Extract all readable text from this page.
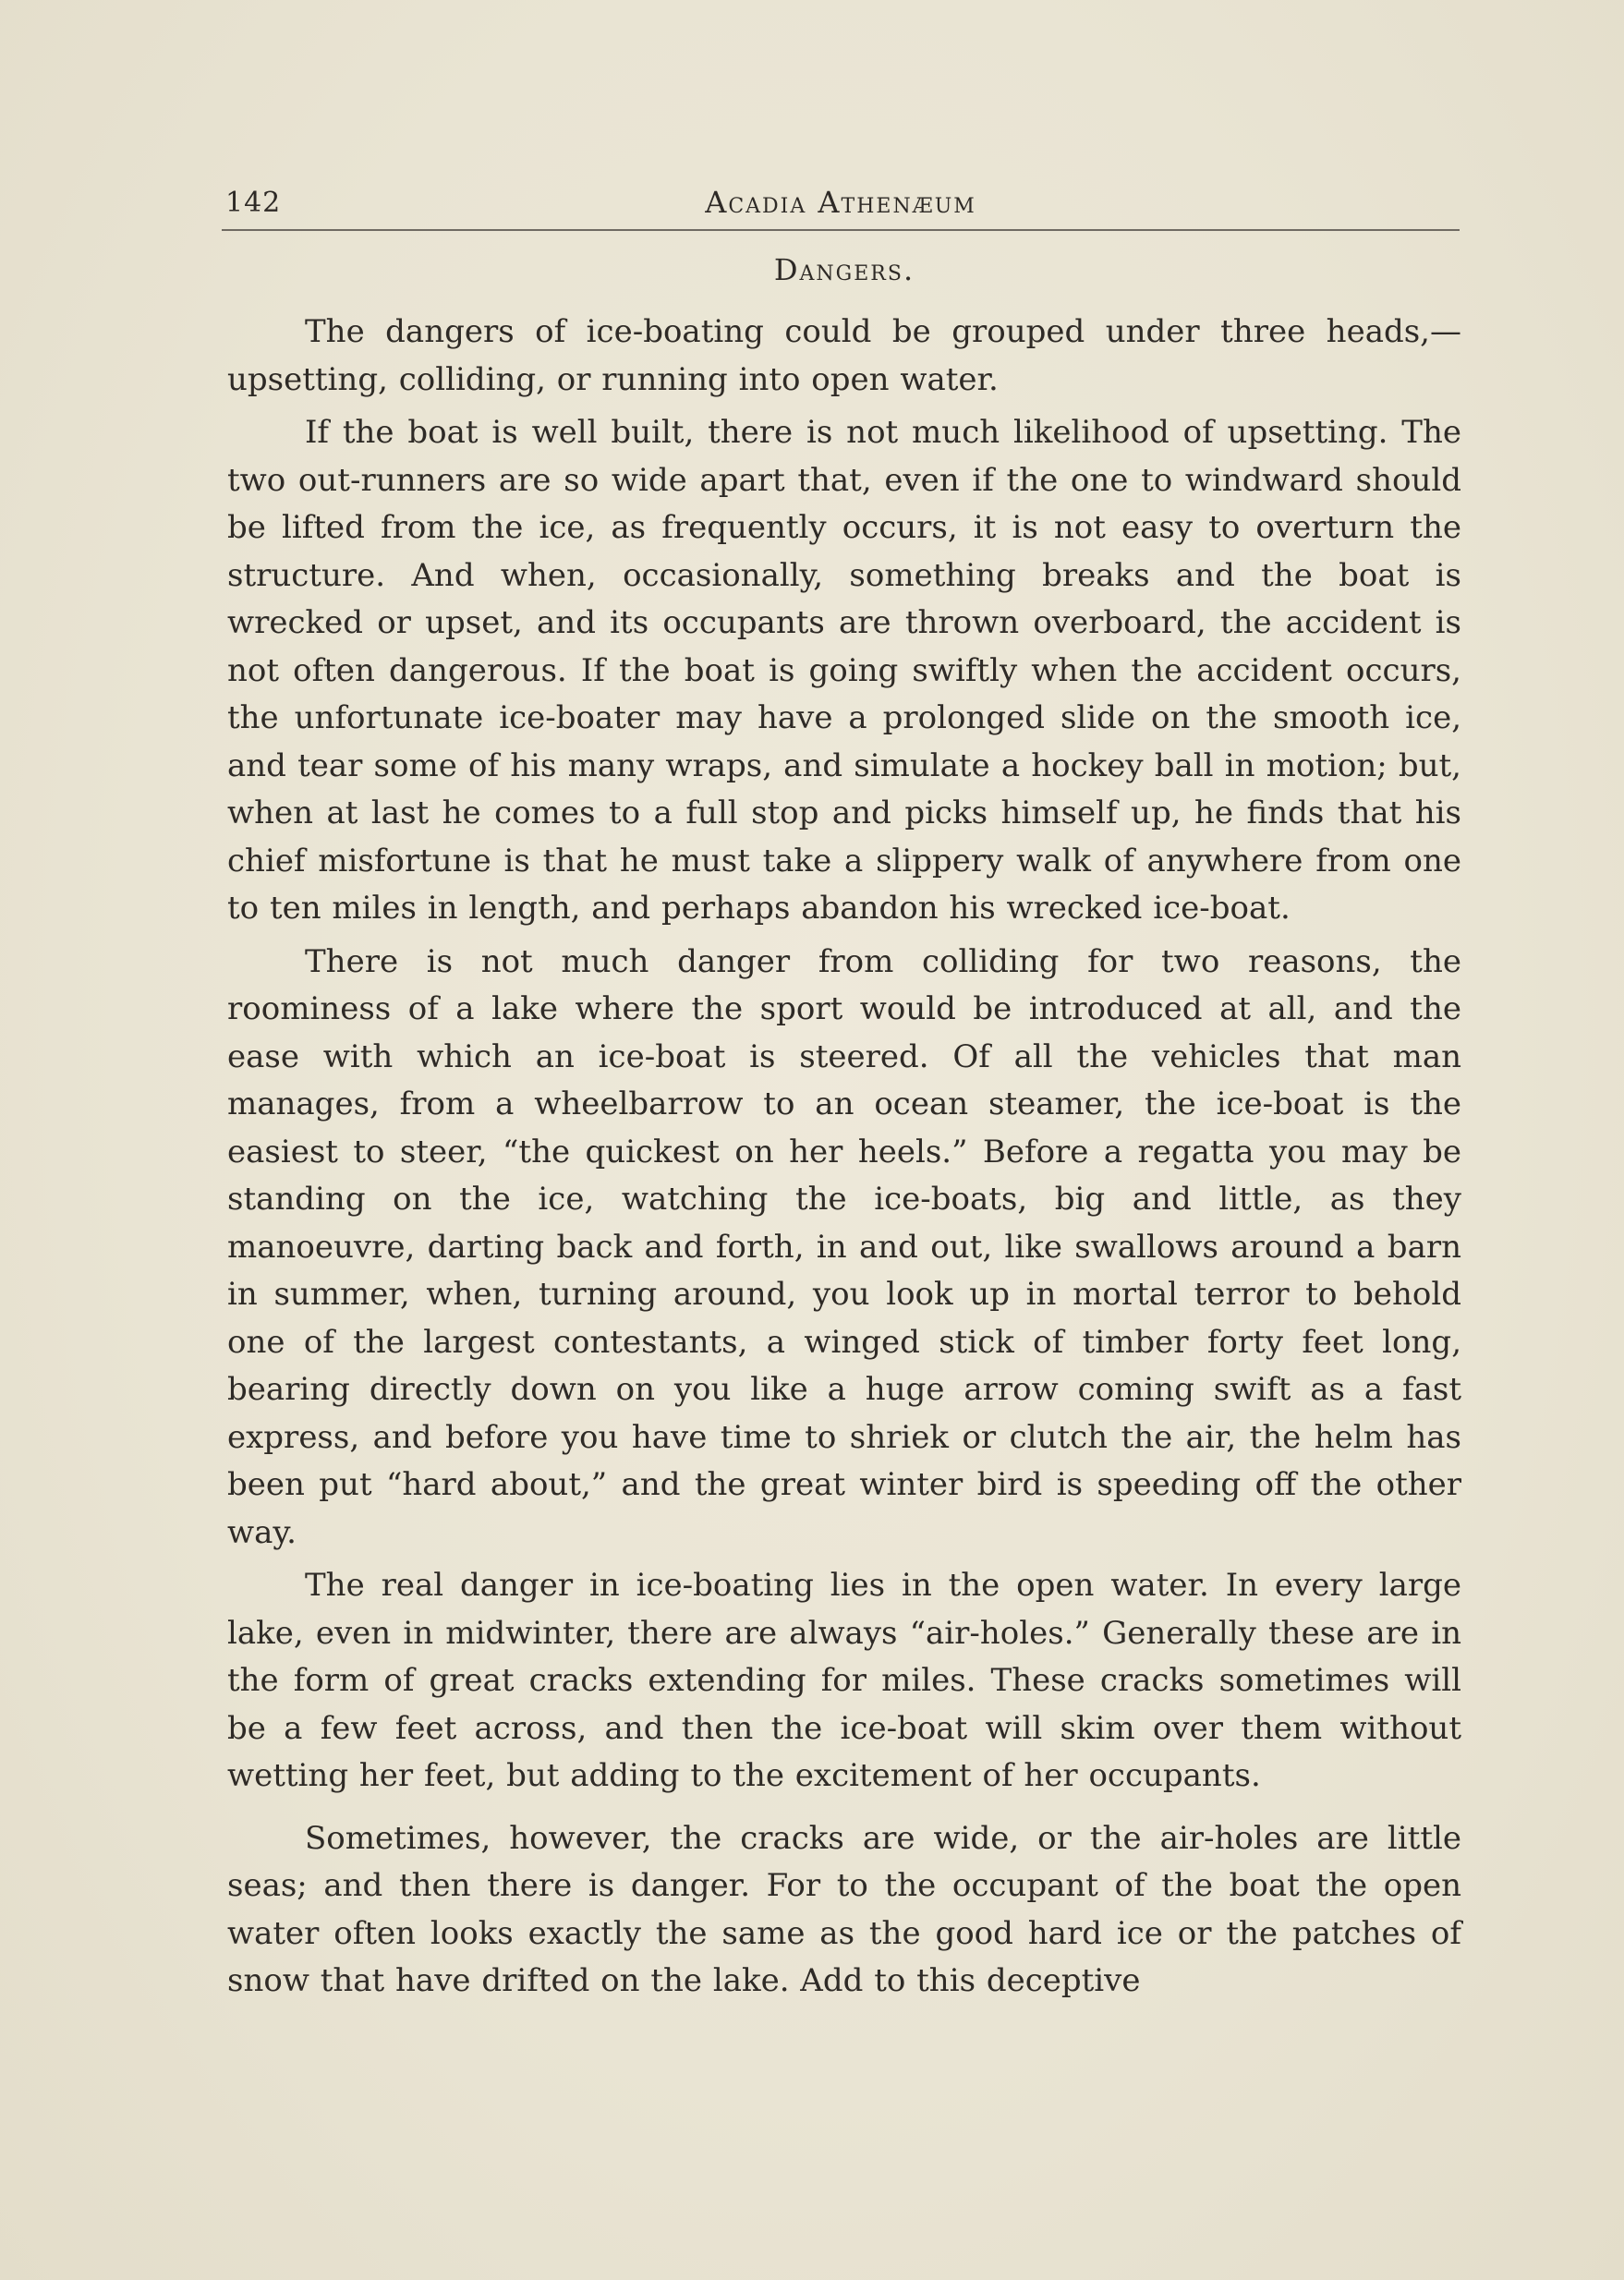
142	Acadia Athenæum
Dangers.

The dangers of ice-boating could be grouped under three heads,— upsetting, colliding, or running into open water.

If the boat is well built, there is not much likelihood of upsetting. The two out-runners are so wide apart that, even if the one to windward should be lifted from the ice, as frequently occurs, it is not easy to overturn the structure. And when, occasionally, something breaks and the boat is wrecked or upset, and its occupants are thrown overboard, the accident is not often dangerous. If the boat is going swiftly when the accident occurs, the unfortunate ice-boater may have a prolonged slide on the smooth ice, and tear some of his many wraps, and simulate a hockey ball in motion; but, when at last he comes to a full stop and picks himself up, he finds that his chief misfortune is that he must take a slippery walk of anywhere from one to ten miles in length, and perhaps abandon his wrecked ice-boat.

There is not much danger from colliding for two reasons, the roominess of a lake where the sport would be introduced at all, and the ease with which an ice-boat is steered. Of all the vehicles that man manages, from a wheelbarrow to an ocean steamer, the ice-boat is the easiest to steer, “the quickest on her heels.” Before a regatta you may be standing on the ice, watching the ice-boats, big and little, as they manoeuvre, darting back and forth, in and out, like swallows around a barn in summer, when, turning around, you look up in mortal terror to behold one of the largest contestants, a winged stick of timber forty feet long, bearing directly down on you like a huge arrow coming swift as a fast express, and before you have time to shriek or clutch the air, the helm has been put “hard about,” and the great winter bird is speeding off the other way.

The real danger in ice-boating lies in the open water. In every large lake, even in midwinter, there are always “air-holes.” Generally these are in the form of great cracks extending for miles. These cracks sometimes will be a few feet across, and then the ice-boat will skim over them without wetting her feet, but adding to the excitement of her occupants.

Sometimes, however, the cracks are wide, or the air-holes are little seas; and then there is danger. For to the occupant of the boat the open water often looks exactly the same as the good hard ice or the patches of snow that have drifted on the lake. Add to this deceptive
